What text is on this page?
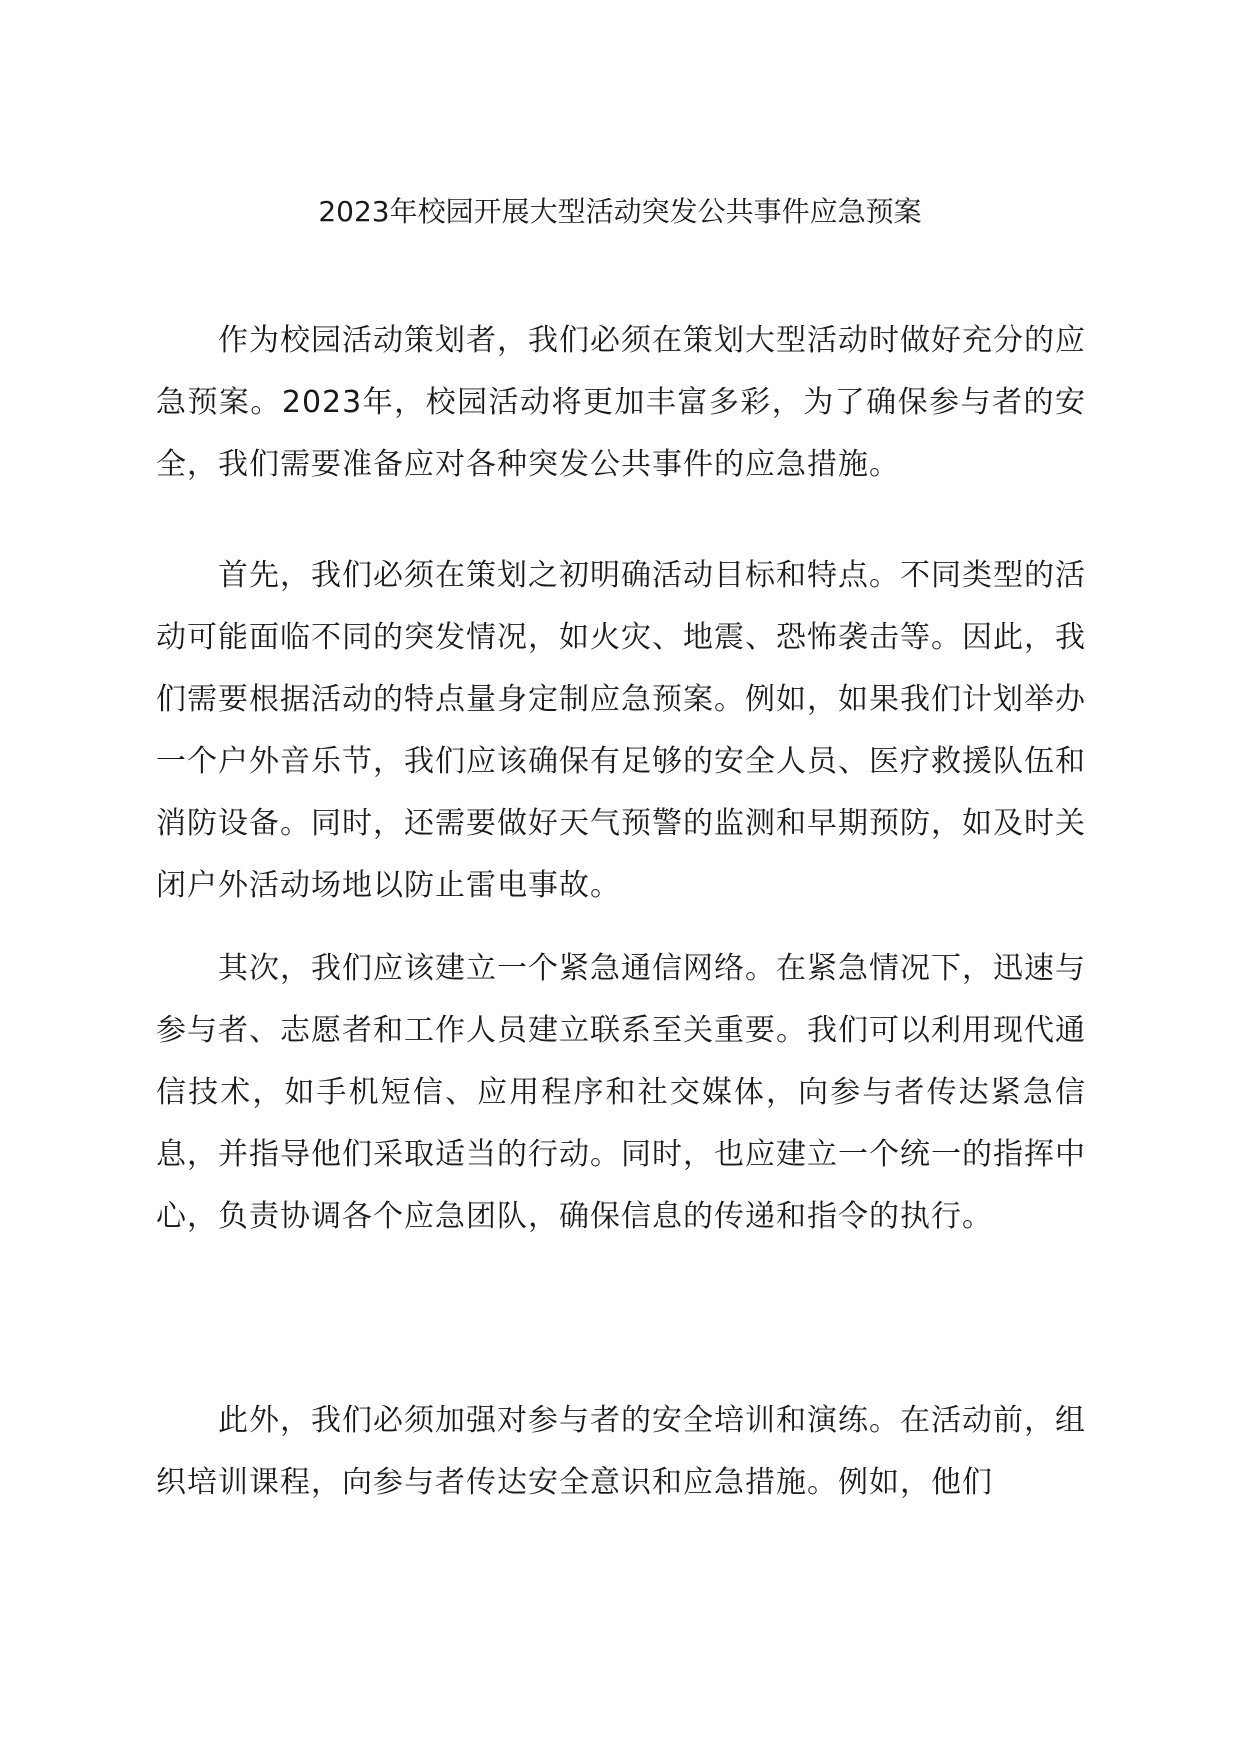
2023年校园开展大型活动突发公共事件应急预案

作为校园活动策划者，我们必须在策划大型活动时做好充分的应急预案。2023年，校园活动将更加丰富多彩，为了确保参与者的安全，我们需要准备应对各种突发公共事件的应急措施。

首先，我们必须在策划之初明确活动目标和特点。不同类型的活动可能面临不同的突发情况，如火灾、地震、恐怖袭击等。因此，我们需要根据活动的特点量身定制应急预案。例如，如果我们计划举办一个户外音乐节，我们应该确保有足够的安全人员、医疗救援队伍和消防设备。同时，还需要做好天气预警的监测和早期预防，如及时关闭户外活动场地以防止雷电事故。

其次，我们应该建立一个紧急通信网络。在紧急情况下，迅速与参与者、志愿者和工作人员建立联系至关重要。我们可以利用现代通信技术，如手机短信、应用程序和社交媒体，向参与者传达紧急信息，并指导他们采取适当的行动。同时，也应建立一个统一的指挥中心，负责协调各个应急团队，确保信息的传递和指令的执行。

此外，我们必须加强对参与者的安全培训和演练。在活动前，组织培训课程，向参与者传达安全意识和应急措施。例如，他们
